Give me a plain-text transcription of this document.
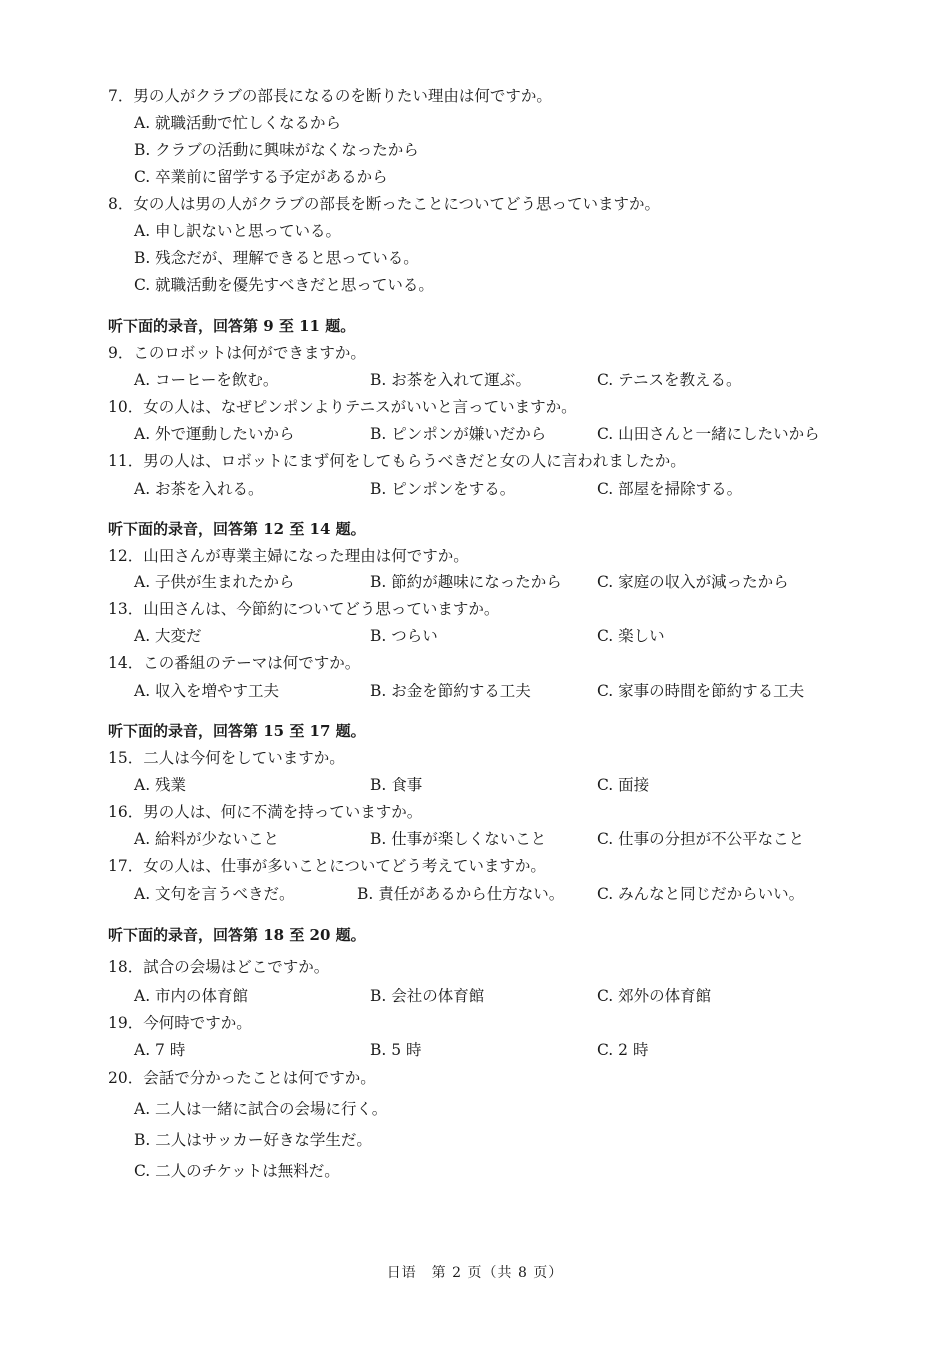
7．男の人がクラブの部長になるのを断りたい理由は何ですか。
A. 就職活動で忙しくなるから
B. クラブの活動に興味がなくなったから
C. 卒業前に留学する予定があるから
8．女の人は男の人がクラブの部長を断ったことについてどう思っていますか。
A. 申し訳ないと思っている。
B. 残念だが、理解できると思っている。
C. 就職活動を優先すべきだと思っている。
听下面的录音，回答第 9 至 11 题。
9．このロボットは何ができますか。
A. コーヒーを飲む。	B. お茶を入れて運ぶ。	C. テニスを教える。
10．女の人は、なぜピンポンよりテニスがいいと言っていますか。
A. 外で運動したいから	B. ピンポンが嫌いだから	C. 山田さんと一緒にしたいから
11．男の人は、ロボットにまず何をしてもらうべきだと女の人に言われましたか。
A. お茶を入れる。	B. ピンポンをする。	C. 部屋を掃除する。
听下面的录音，回答第 12 至 14 题。
12．山田さんが専業主婦になった理由は何ですか。
A. 子供が生まれたから	B. 節約が趣味になったから C. 家庭の収入が減ったから
13．山田さんは、今節約についてどう思っていますか。
A. 大変だ	B. つらい	C. 楽しい
14．この番組のテーマは何ですか。
A. 収入を増やす工夫	B. お金を節約する工夫	C. 家事の時間を節約する工夫
听下面的录音，回答第 15 至 17 题。
15．二人は今何をしていますか。
A. 残業	B. 食事	C. 面接
16．男の人は、何に不満を持っていますか。
A. 給料が少ないこと	B. 仕事が楽しくないこと	C. 仕事の分担が不公平なこと
17．女の人は、仕事が多いことについてどう考えていますか。
A. 文句を言うべきだ。	B. 責任があるから仕方ない。 C. みんなと同じだからいい。
听下面的录音，回答第 18 至 20 题。
18．試合の会場はどこですか。
A. 市内の体育館	B. 会社の体育館	C. 郊外の体育館
19．今何時ですか。
A. 7 時	B. 5 時	C. 2 時
20．会話で分かったことは何ですか。
A. 二人は一緒に試合の会場に行く。
B. 二人はサッカー好きな学生だ。
C. 二人のチケットは無料だ。
日语　第 2 页（共 8 页）
